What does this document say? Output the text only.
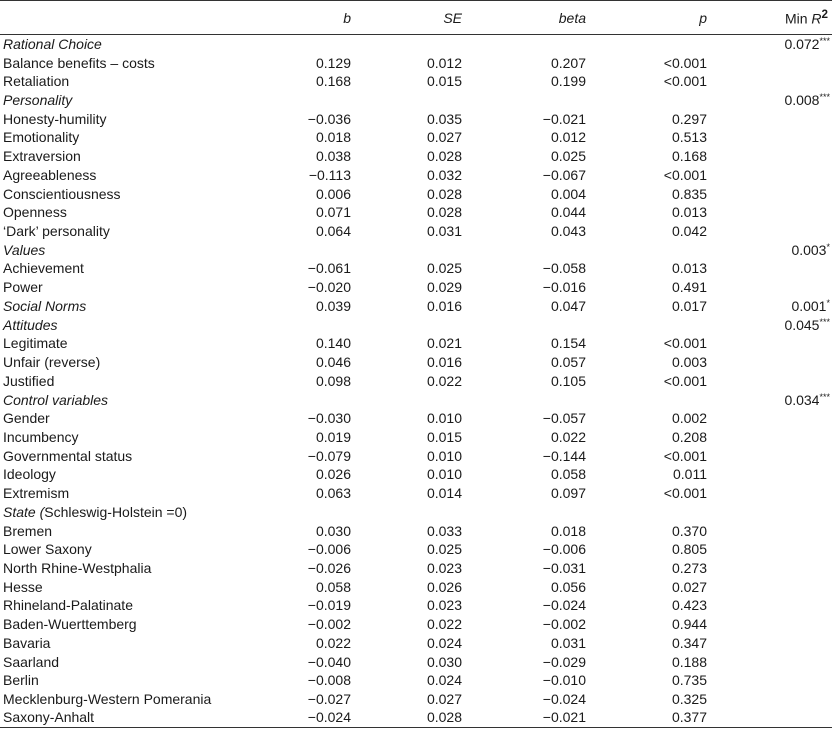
	b	SE	beta	p	Min $R^2$
Rational Choice					0.072***
Balance benefits – costs	0.129	0.012	0.207	<0.001	
Retaliation	0.168	0.015	0.199	<0.001	
Personality					0.008***
Honesty-humility	−0.036	0.035	−0.021	0.297	
Emotionality	0.018	0.027	0.012	0.513	
Extraversion	0.038	0.028	0.025	0.168	
Agreeableness	−0.113	0.032	−0.067	<0.001	
Conscientiousness	0.006	0.028	0.004	0.835	
Openness	0.071	0.028	0.044	0.013	
‘Dark’ personality	0.064	0.031	0.043	0.042	
Values					0.003*
Achievement	−0.061	0.025	−0.058	0.013	
Power	−0.020	0.029	−0.016	0.491	
Social Norms	0.039	0.016	0.047	0.017	0.001*
Attitudes					0.045***
Legitimate	0.140	0.021	0.154	<0.001	
Unfair (reverse)	0.046	0.016	0.057	0.003	
Justified	0.098	0.022	0.105	<0.001	
Control variables					0.034***
Gender	−0.030	0.010	−0.057	0.002	
Incumbency	0.019	0.015	0.022	0.208	
Governmental status	−0.079	0.010	−0.144	<0.001	
Ideology	0.026	0.010	0.058	0.011	
Extremism	0.063	0.014	0.097	<0.001	
State (Schleswig-Holstein =0)					
Bremen	0.030	0.033	0.018	0.370	
Lower Saxony	−0.006	0.025	−0.006	0.805	
North Rhine-Westphalia	−0.026	0.023	−0.031	0.273	
Hesse	0.058	0.026	0.056	0.027	
Rhineland-Palatinate	−0.019	0.023	−0.024	0.423	
Baden-Wuerttemberg	−0.002	0.022	−0.002	0.944	
Bavaria	0.022	0.024	0.031	0.347	
Saarland	−0.040	0.030	−0.029	0.188	
Berlin	−0.008	0.024	−0.010	0.735	
Mecklenburg-Western Pomerania	−0.027	0.027	−0.024	0.325	
Saxony-Anhalt	−0.024	0.028	−0.021	0.377	
